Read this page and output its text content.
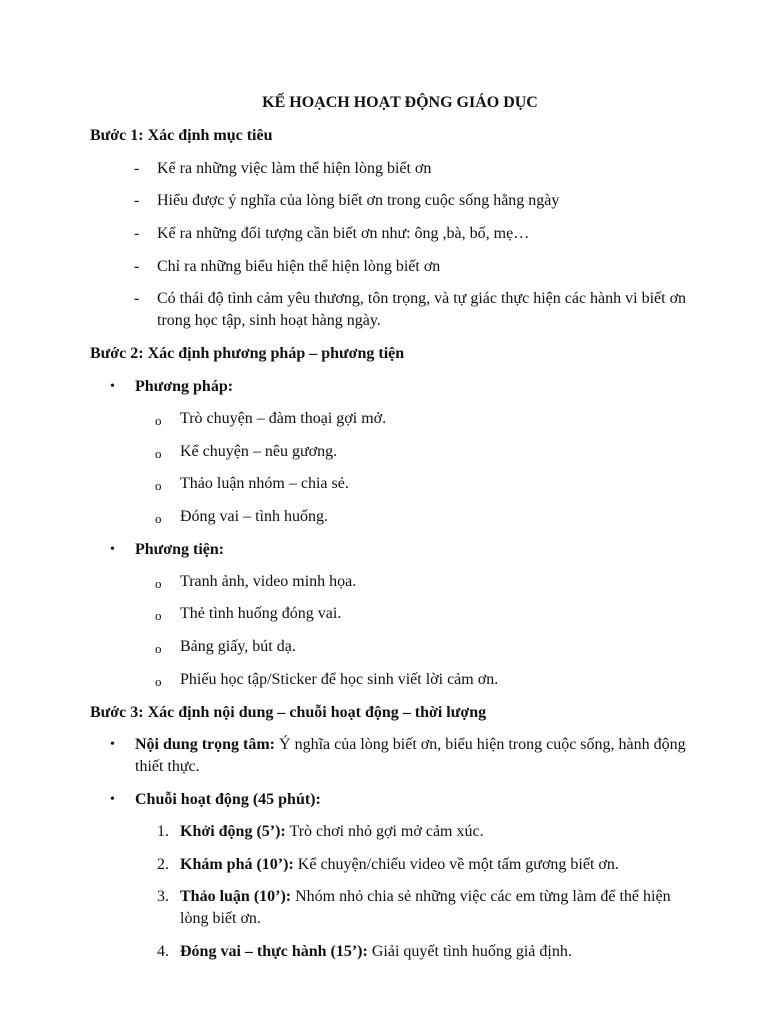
KẾ HOẠCH HOẠT ĐỘNG GIÁO DỤC
Bước 1: Xác định mục tiêu
- Kể ra những việc làm thể hiện lòng biết ơn
- Hiểu được ý nghĩa của lòng biết ơn trong cuộc sống hằng ngày
- Kể ra những đối tượng cần biết ơn như: ông ,bà, bố, mẹ…
- Chỉ ra những biểu hiện thể hiện lòng biết ơn
- Có thái độ tình cảm yêu thương, tôn trọng, và tự giác thực hiện các hành vi biết ơn trong học tập, sinh hoạt hàng ngày.
Bước 2: Xác định phương pháp – phương tiện
• Phương pháp:
o Trò chuyện – đàm thoại gợi mở.
o Kể chuyện – nêu gương.
o Thảo luận nhóm – chia sẻ.
o Đóng vai – tình huống.
• Phương tiện:
o Tranh ảnh, video minh họa.
o Thẻ tình huống đóng vai.
o Bảng giấy, bút dạ.
o Phiếu học tập/Sticker để học sinh viết lời cảm ơn.
Bước 3: Xác định nội dung – chuỗi hoạt động – thời lượng
• Nội dung trọng tâm: Ý nghĩa của lòng biết ơn, biểu hiện trong cuộc sống, hành động thiết thực.
• Chuỗi hoạt động (45 phút):
1. Khởi động (5’): Trò chơi nhỏ gợi mở cảm xúc.
2. Khám phá (10’): Kể chuyện/chiếu video về một tấm gương biết ơn.
3. Thảo luận (10’): Nhóm nhỏ chia sẻ những việc các em từng làm để thể hiện lòng biết ơn.
4. Đóng vai – thực hành (15’): Giải quyết tình huống giả định.
